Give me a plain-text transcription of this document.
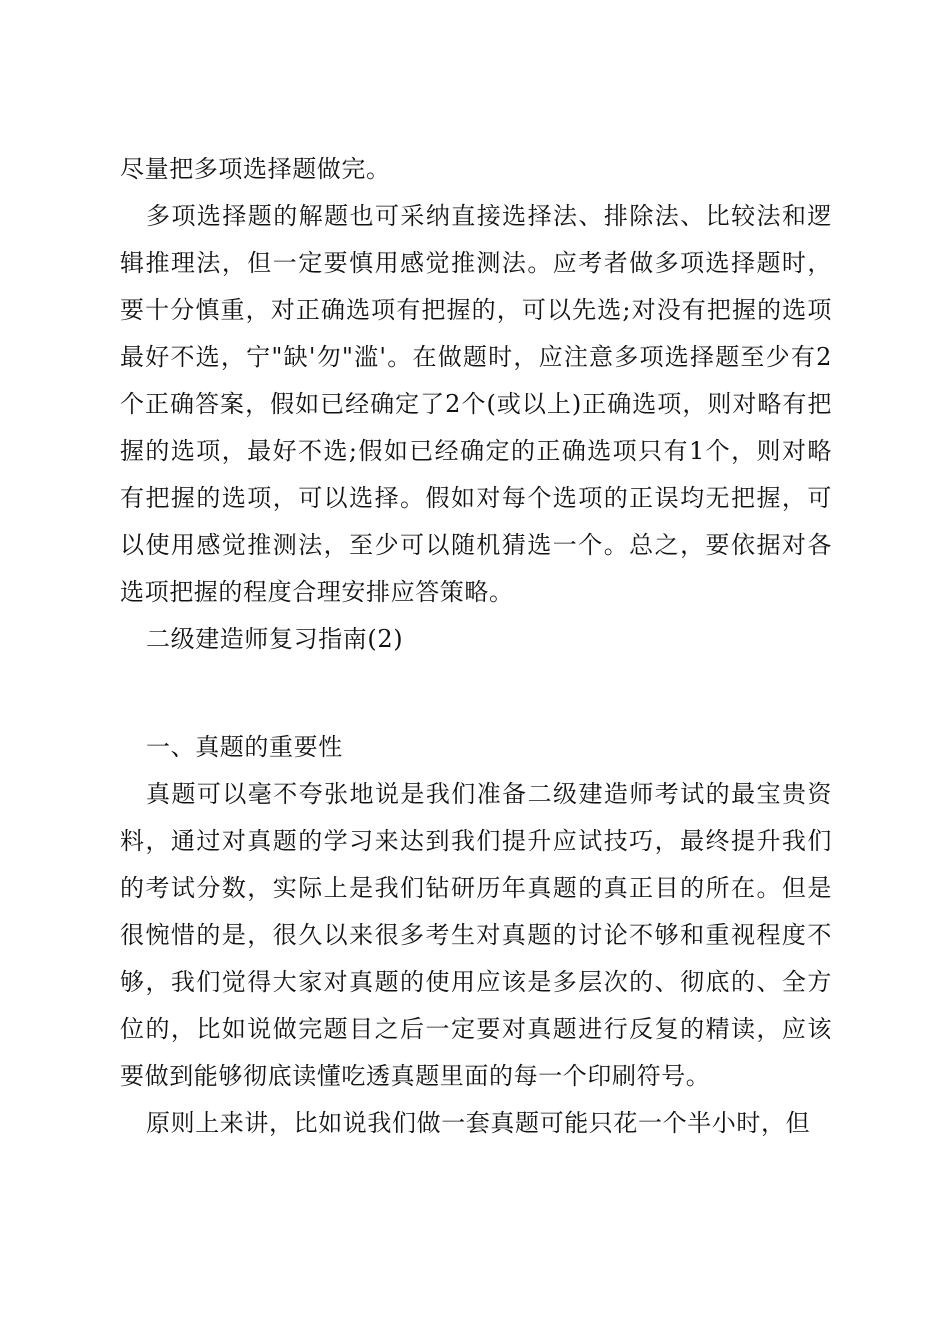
尽量把多项选择题做完。

多项选择题的解题也可采纳直接选择法、排除法、比较法和逻辑推理法，但一定要慎用感觉推测法。应考者做多项选择题时，要十分慎重，对正确选项有把握的，可以先选;对没有把握的选项最好不选，宁"缺'勿"滥'。在做题时，应注意多项选择题至少有2个正确答案，假如已经确定了2个(或以上)正确选项，则对略有把握的选项，最好不选;假如已经确定的正确选项只有1个，则对略有把握的选项，可以选择。假如对每个选项的正误均无把握，可以使用感觉推测法，至少可以随机猜选一个。总之，要依据对各选项把握的程度合理安排应答策略。

二级建造师复习指南(2)

一、真题的重要性

真题可以毫不夸张地说是我们准备二级建造师考试的最宝贵资料，通过对真题的学习来达到我们提升应试技巧，最终提升我们的考试分数，实际上是我们钻研历年真题的真正目的所在。但是很惋惜的是，很久以来很多考生对真题的讨论不够和重视程度不够，我们觉得大家对真题的使用应该是多层次的、彻底的、全方位的，比如说做完题目之后一定要对真题进行反复的精读，应该要做到能够彻底读懂吃透真题里面的每一个印刷符号。

原则上来讲，比如说我们做一套真题可能只花一个半小时，但
